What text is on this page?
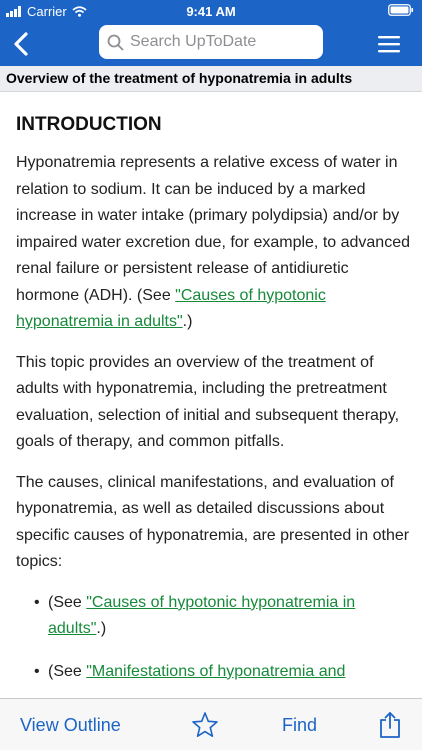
Carrier	9:41 AM
Search UpToDate
Overview of the treatment of hyponatremia in adults
INTRODUCTION

Hyponatremia represents a relative excess of water in relation to sodium. It can be induced by a marked increase in water intake (primary polydipsia) and/or by impaired water excretion due, for example, to advanced renal failure or persistent release of antidiuretic hormone (ADH). (See "Causes of hypotonic hyponatremia in adults".)

This topic provides an overview of the treatment of adults with hyponatremia, including the pretreatment evaluation, selection of initial and subsequent therapy, goals of therapy, and common pitfalls.

The causes, clinical manifestations, and evaluation of hyponatremia, as well as detailed discussions about specific causes of hyponatremia, are presented in other topics:

• (See "Causes of hypotonic hyponatremia in adults".)
• (See "Manifestations of hyponatremia and
View Outline	Find
